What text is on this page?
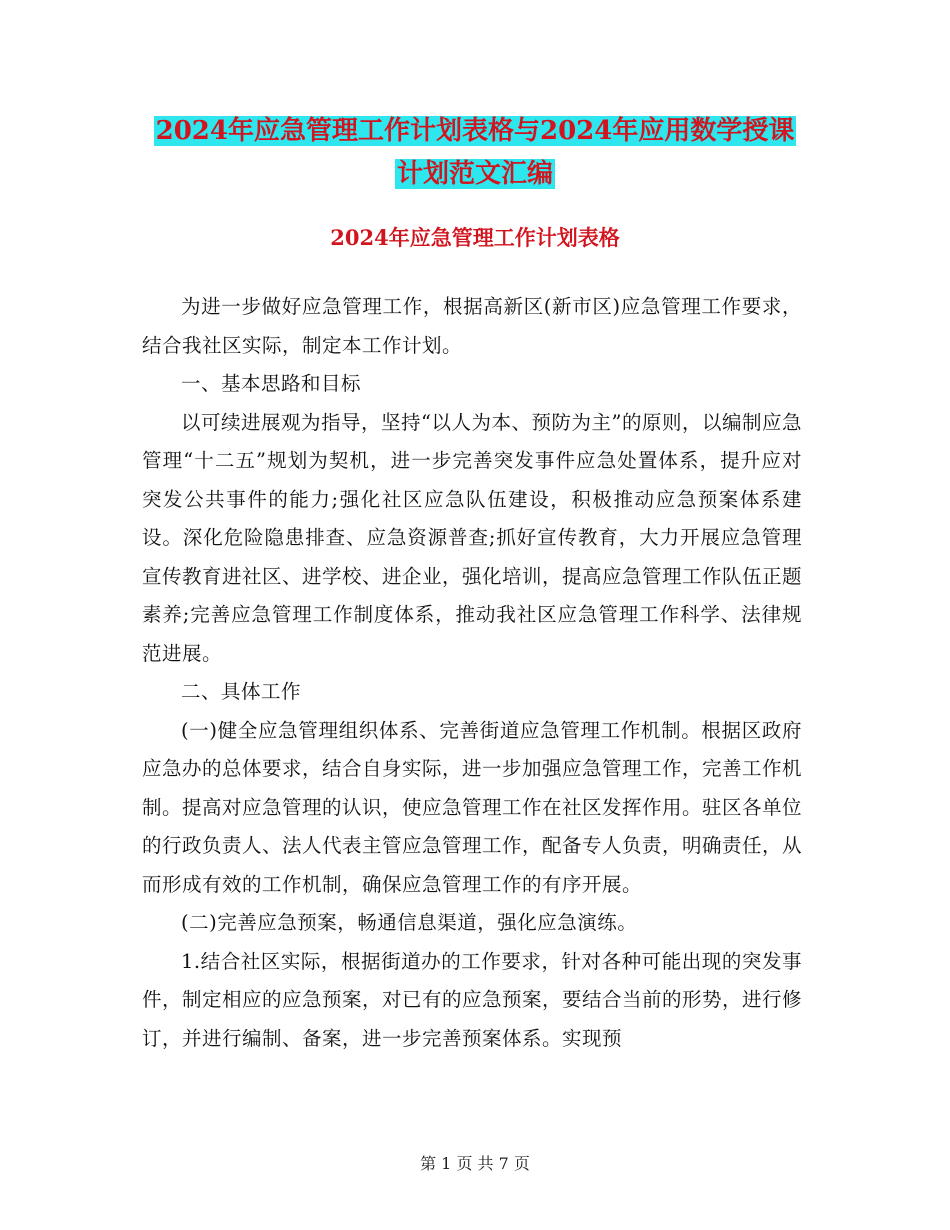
2024年应急管理工作计划表格与2024年应用数学授课
计划范文汇编
2024年应急管理工作计划表格

为进一步做好应急管理工作，根据高新区(新市区)应急管理工作要求，结合我社区实际，制定本工作计划。

一、基本思路和目标

以可续进展观为指导，坚持“以人为本、预防为主”的原则，以编制应急管理“十二五”规划为契机，进一步完善突发事件应急处置体系，提升应对突发公共事件的能力;强化社区应急队伍建设，积极推动应急预案体系建设。深化危险隐患排查、应急资源普查;抓好宣传教育，大力开展应急管理宣传教育进社区、进学校、进企业，强化培训，提高应急管理工作队伍正题素养;完善应急管理工作制度体系，推动我社区应急管理工作科学、法律规范进展。

二、具体工作

(一)健全应急管理组织体系、完善街道应急管理工作机制。根据区政府应急办的总体要求，结合自身实际，进一步加强应急管理工作，完善工作机制。提高对应急管理的认识，使应急管理工作在社区发挥作用。驻区各单位的行政负责人、法人代表主管应急管理工作，配备专人负责，明确责任，从而形成有效的工作机制，确保应急管理工作的有序开展。

(二)完善应急预案，畅通信息渠道，强化应急演练。

1.结合社区实际，根据街道办的工作要求，针对各种可能出现的突发事件，制定相应的应急预案，对已有的应急预案，要结合当前的形势，进行修订，并进行编制、备案，进一步完善预案体系。实现预

第 1 页 共 7 页
